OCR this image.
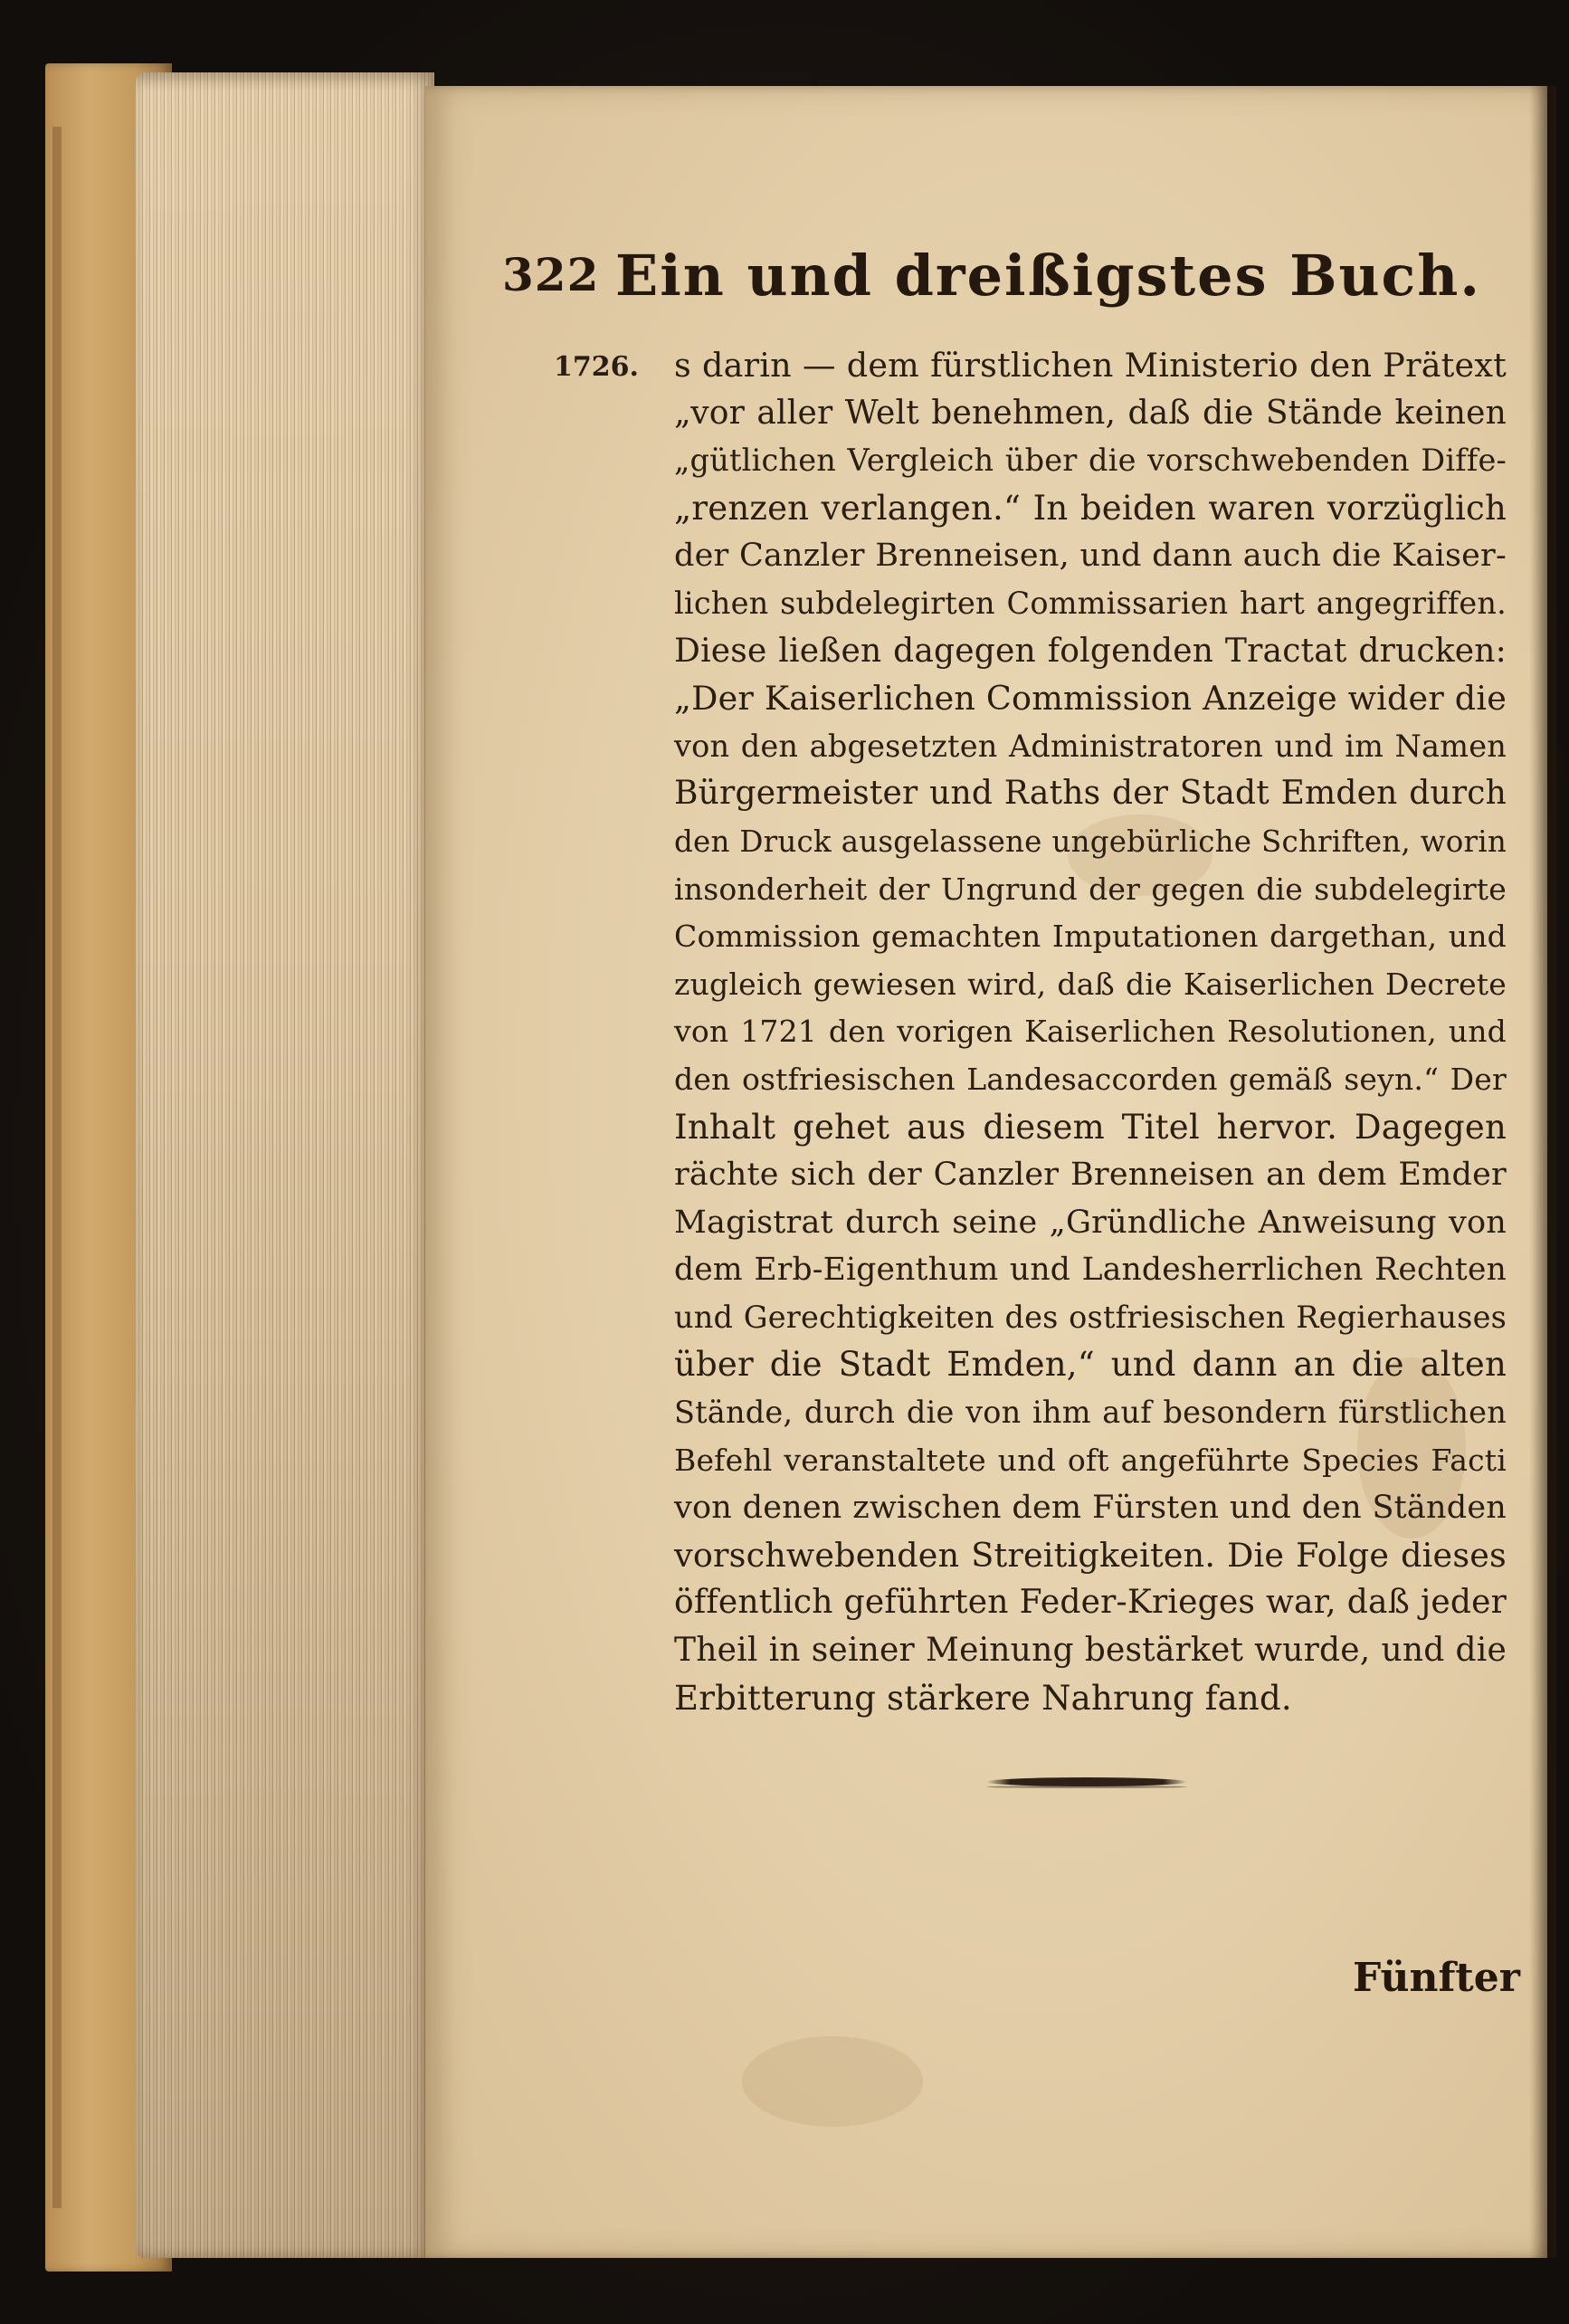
322 Ein und dreißigstes Buch.
1726. s darin — dem fürstlichen Ministerio den Prätext
„vor aller Welt benehmen, daß die Stände keinen
„gütlichen Vergleich über die vorschwebenden Diffe-
„renzen verlangen.“ In beiden waren vorzüglich
der Canzler Brenneisen, und dann auch die Kaiser-
lichen subdelegirten Commissarien hart angegriffen.
Diese ließen dagegen folgenden Tractat drucken:
„Der Kaiserlichen Commission Anzeige wider die
von den abgesetzten Administratoren und im Namen
Bürgermeister und Raths der Stadt Emden durch
den Druck ausgelassene ungebürliche Schriften, worin
insonderheit der Ungrund der gegen die subdelegirte
Commission gemachten Imputationen dargethan, und
zugleich gewiesen wird, daß die Kaiserlichen Decrete
von 1721 den vorigen Kaiserlichen Resolutionen, und
den ostfriesischen Landesaccorden gemäß seyn.“ Der
Inhalt gehet aus diesem Titel hervor. Dagegen
rächte sich der Canzler Brenneisen an dem Emder
Magistrat durch seine „Gründliche Anweisung von
dem Erb-Eigenthum und Landesherrlichen Rechten
und Gerechtigkeiten des ostfriesischen Regierhauses
über die Stadt Emden,“ und dann an die alten
Stände, durch die von ihm auf besondern fürstlichen
Befehl veranstaltete und oft angeführte Species Facti
von denen zwischen dem Fürsten und den Ständen
vorschwebenden Streitigkeiten. Die Folge dieses
öffentlich geführten Feder-Krieges war, daß jeder
Theil in seiner Meinung bestärket wurde, und die
Erbitterung stärkere Nahrung fand.
Fünfter
